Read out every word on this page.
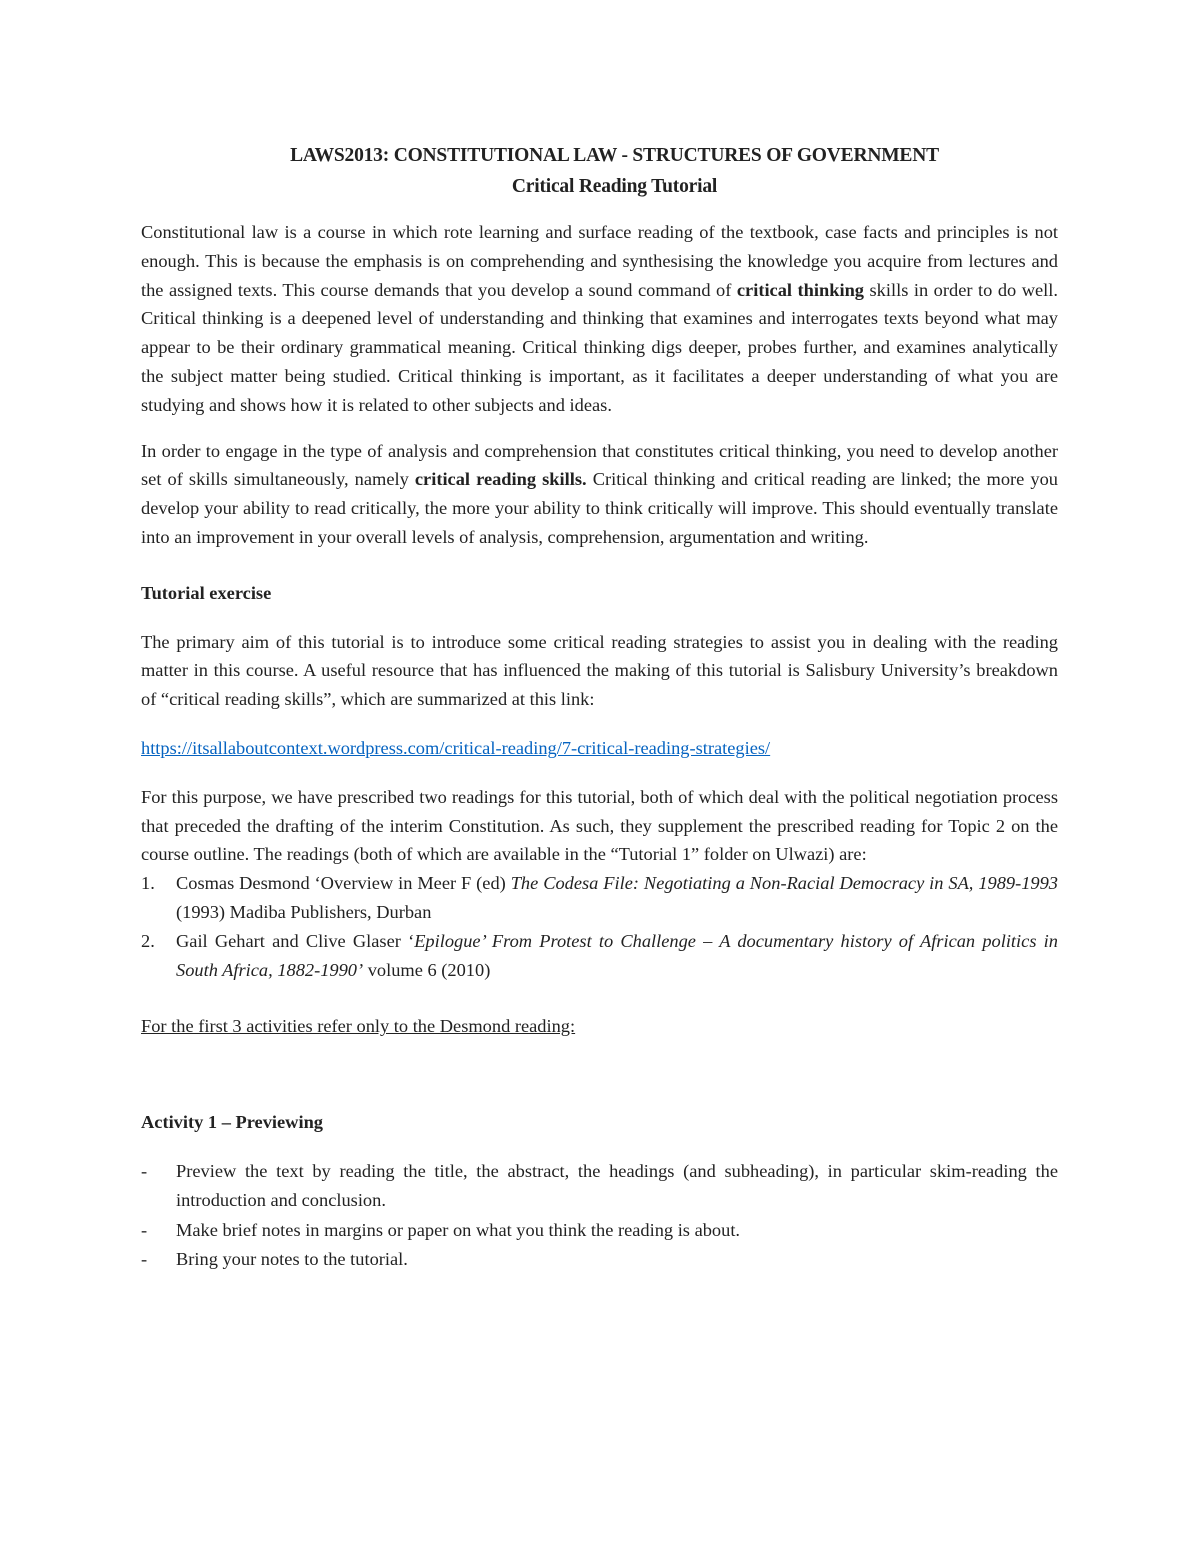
LAWS2013: CONSTITUTIONAL LAW - STRUCTURES OF GOVERNMENT

Critical Reading Tutorial

Constitutional law is a course in which rote learning and surface reading of the textbook, case facts and principles is not enough. This is because the emphasis is on comprehending and synthesising the knowledge you acquire from lectures and the assigned texts. This course demands that you develop a sound command of critical thinking skills in order to do well. Critical thinking is a deepened level of understanding and thinking that examines and interrogates texts beyond what may appear to be their ordinary grammatical meaning. Critical thinking digs deeper, probes further, and examines analytically the subject matter being studied. Critical thinking is important, as it facilitates a deeper understanding of what you are studying and shows how it is related to other subjects and ideas.

In order to engage in the type of analysis and comprehension that constitutes critical thinking, you need to develop another set of skills simultaneously, namely critical reading skills. Critical thinking and critical reading are linked; the more you develop your ability to read critically, the more your ability to think critically will improve. This should eventually translate into an improvement in your overall levels of analysis, comprehension, argumentation and writing.

Tutorial exercise

The primary aim of this tutorial is to introduce some critical reading strategies to assist you in dealing with the reading matter in this course. A useful resource that has influenced the making of this tutorial is Salisbury University’s breakdown of “critical reading skills”, which are summarized at this link:

https://itsallaboutcontext.wordpress.com/critical-reading/7-critical-reading-strategies/

For this purpose, we have prescribed two readings for this tutorial, both of which deal with the political negotiation process that preceded the drafting of the interim Constitution. As such, they supplement the prescribed reading for Topic 2 on the course outline. The readings (both of which are available in the “Tutorial 1” folder on Ulwazi) are:

1. Cosmas Desmond ‘Overview in Meer F (ed) The Codesa File: Negotiating a Non-Racial Democracy in SA, 1989-1993 (1993) Madiba Publishers, Durban
2. Gail Gehart and Clive Glaser ‘Epilogue’ From Protest to Challenge – A documentary history of African politics in South Africa, 1882-1990’ volume 6 (2010)

For the first 3 activities refer only to the Desmond reading:

Activity 1 – Previewing

- Preview the text by reading the title, the abstract, the headings (and subheading), in particular skim-reading the introduction and conclusion.
- Make brief notes in margins or paper on what you think the reading is about.
- Bring your notes to the tutorial.
